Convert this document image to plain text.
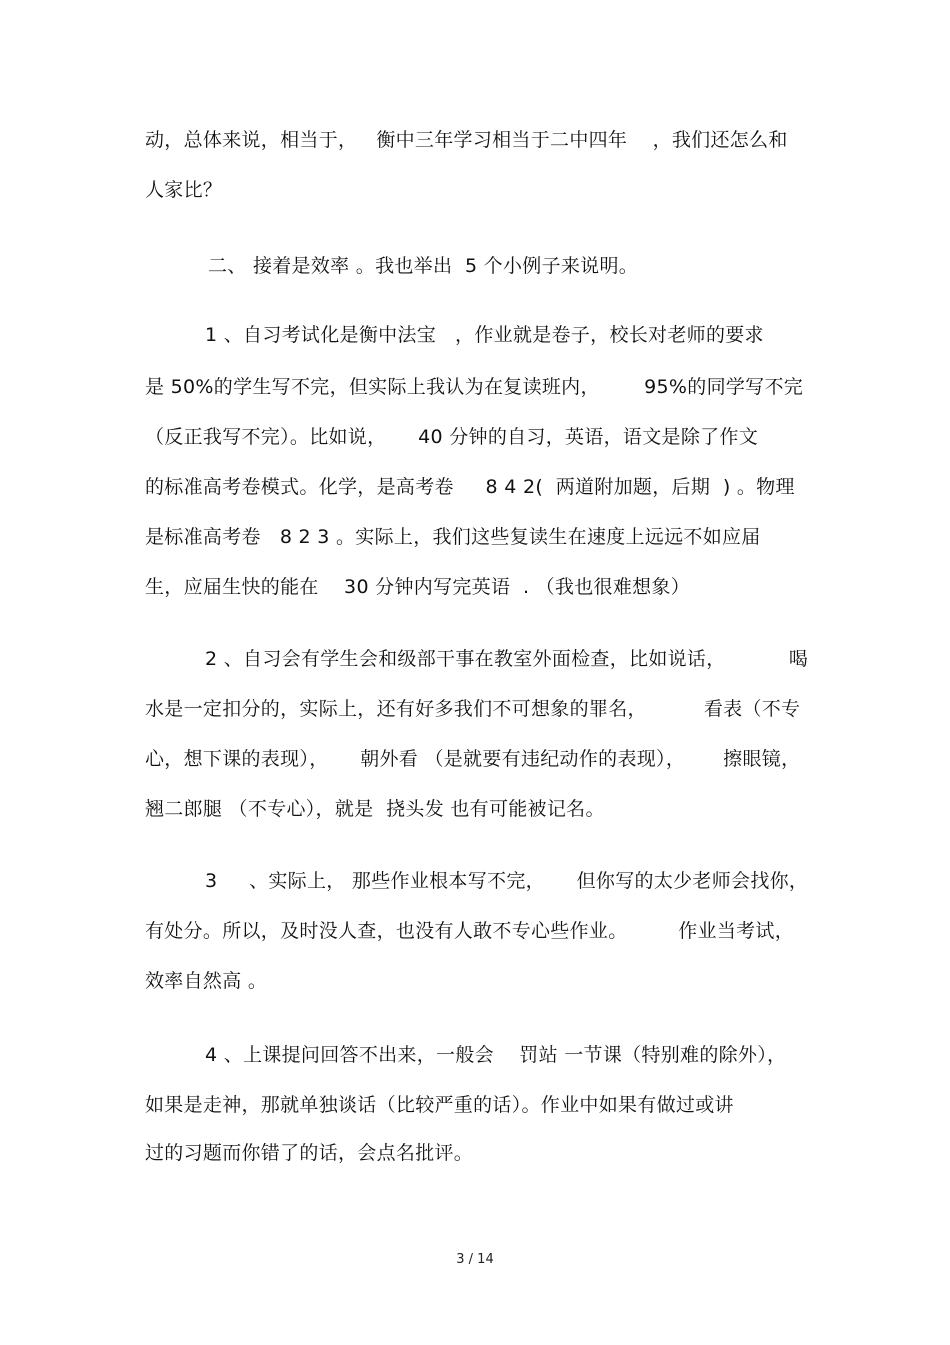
动，总体来说，相当于，   衡中三年学习相当于二中四年    ，我们还怎么和
人家比？
二、 接着是效率 。我也举出  5 个小例子来说明。
1 、自习考试化是衡中法宝   ，作业就是卷子，校长对老师的要求
是 50%的学生写不完，但实际上我认为在复读班内，       95%的同学写不完
（反正我写不完）。比如说，     40 分钟的自习，英语，语文是除了作文
的标准高考卷模式。化学，是高考卷     8 4 2(  两道附加题，后期  ) 。物理
是标准高考卷   8 2 3 。实际上，我们这些复读生在速度上远远不如应届
生，应届生快的能在    30 分钟内写完英语  . （我也很难想象）
2 、自习会有学生会和级部干事在教室外面检查，比如说话，          喝
水是一定扣分的，实际上，还有好多我们不可想象的罪名，         看表（不专
心，想下课的表现），     朝外看 （是就要有违纪动作的表现），      擦眼镜，
翘二郎腿 （不专心），就是  挠头发 也有可能被记名。
3     、实际上， 那些作业根本写不完，     但你写的太少老师会找你，
有处分。所以，及时没人查，也没有人敢不专心些作业。        作业当考试，
效率自然高 。
4 、上课提问回答不出来，一般会    罚站 一节课（特别难的除外），
如果是走神，那就单独谈话（比较严重的话）。作业中如果有做过或讲
过的习题而你错了的话，会点名批评。
3 / 14
